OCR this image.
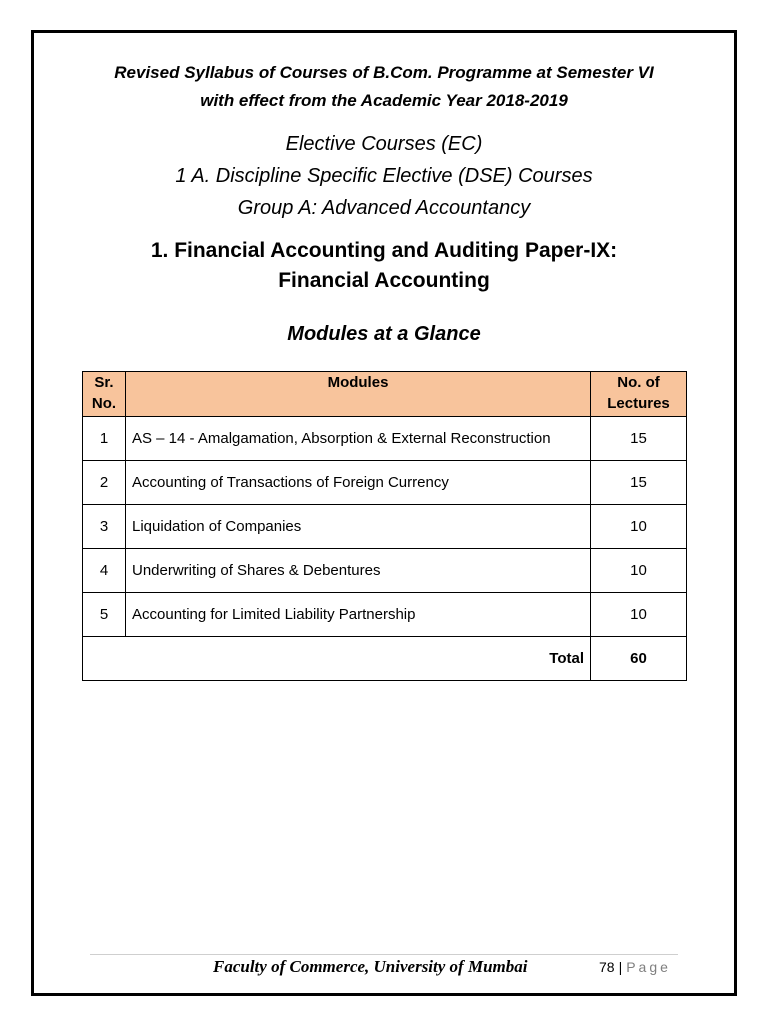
Revised Syllabus of Courses of B.Com. Programme at Semester VI
with effect from the Academic Year 2018-2019
Elective Courses (EC)
1 A. Discipline Specific Elective (DSE) Courses
Group A: Advanced Accountancy
1. Financial Accounting and Auditing Paper-IX:
Financial Accounting
Modules at a Glance
Sr. No.	Modules	No. of Lectures
1	AS – 14 - Amalgamation, Absorption & External Reconstruction	15
2	Accounting of Transactions of Foreign Currency	15
3	Liquidation of Companies	10
4	Underwriting of Shares & Debentures	10
5	Accounting for Limited Liability Partnership	10
Total		60
Faculty of Commerce, University of Mumbai	78 | Page
